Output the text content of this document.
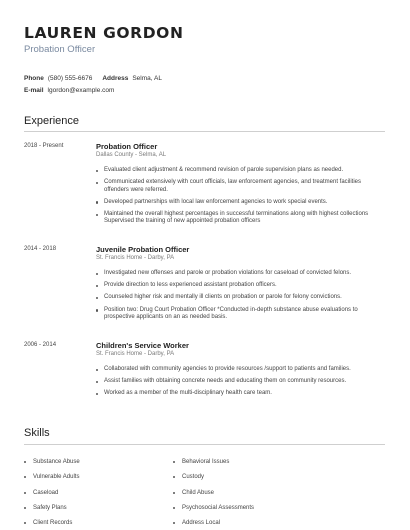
LAUREN GORDON
Probation Officer
Phone (580) 555-6676 Address Selma, AL
E-mail lgordon@example.com
Experience
2018 - Present	Probation Officer
Dallas County - Selma, AL
Evaluated client adjustment & recommend revision of parole supervision plans as needed.
Communicated extensively with court officials, law enforcement agencies, and treatment facilities offenders were referred.
Developed partnerships with local law enforcement agencies to work special events.
Maintained the overall highest percentages in successful terminations along with highest collections Supervised the training of new appointed probation officers
2014 - 2018	Juvenile Probation Officer
St. Francis Home - Darby, PA
Investigated new offenses and parole or probation violations for caseload of convicted felons.
Provide direction to less experienced assistant probation officers.
Counseled higher risk and mentally ill clients on probation or parole for felony convictions.
Position two: Drug Court Probation Officer *Conducted in-depth substance abuse evaluations to prospective applicants on an as needed basis.
2006 - 2014	Children's Service Worker
St. Francis Home - Darby, PA
Collaborated with community agencies to provide resources /support to patients and families.
Assist families with obtaining concrete needs and educating them on community resources.
Worked as a member of the multi-disciplinary health care team.
Skills
Substance Abuse
Vulnerable Adults
Caseload
Safety Plans
Client Records
Behavioral Issues
Custody
Child Abuse
Psychosocial Assessments
Address Local
